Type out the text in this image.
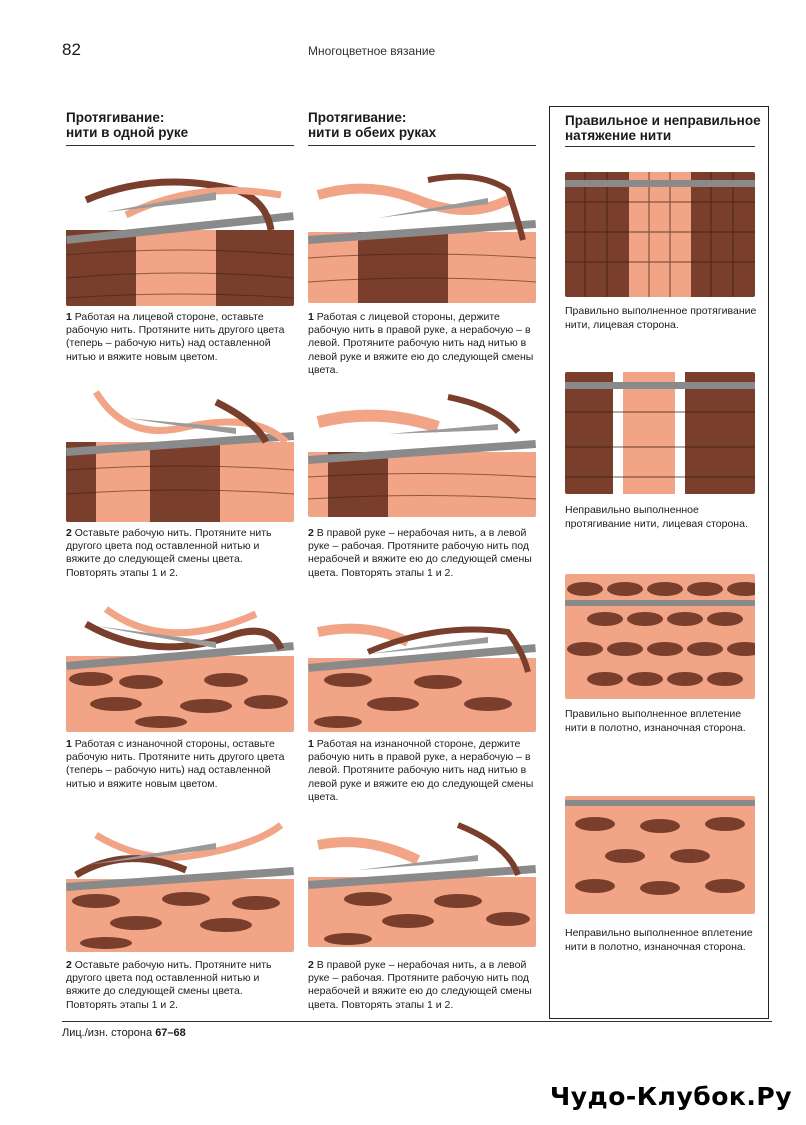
82	Многоцветное вязание
Протягивание:
нити в одной руке
Протягивание:
нити в обеих руках
1 Работая на лицевой стороне, оставьте рабочую нить. Протяните нить другого цвета (теперь – рабочую нить) над оставленной нитью и вяжите новым цветом.
2 Оставьте рабочую нить. Протяните нить другого цвета под оставленной нитью и вяжите до следующей смены цвета. Повторять этапы 1 и 2.
1 Работая с изнаночной стороны, оставьте рабочую нить. Протяните нить другого цвета (теперь – рабочую нить) над оставленной нитью и вяжите новым цветом.
2 Оставьте рабочую нить. Протяните нить другого цвета под оставленной нитью и вяжите до следующей смены цвета. Повторять этапы 1 и 2.
1 Работая с лицевой стороны, держите рабочую нить в правой руке, а нерабочую – в левой. Протяните рабочую нить над нитью в левой руке и вяжите ею до следующей смены цвета.
2 В правой руке – нерабочая нить, а в левой руке – рабочая. Протяните рабочую нить под нерабочей и вяжите ею до следующей смены цвета. Повторять этапы 1 и 2.
1 Работая на изнаночной стороне, держите рабочую нить в правой руке, а нерабочую – в левой. Протяните рабочую нить над нитью в левой руке и вяжите ею до следующей смены цвета.
2 В правой руке – нерабочая нить, а в левой руке – рабочая. Протяните рабочую нить под нерабочей и вяжите ею до следующей смены цвета. Повторять этапы 1 и 2.
Правильное и неправильное
натяжение нити
Правильно выполненное протягивание нити, лицевая сторона.
Неправильно выполненное протягивание нити, лицевая сторона.
Правильно выполненное вплетение нити в полотно, изнаночная сторона.
Неправильно выполненное вплетение нити в полотно, изнаночная сторона.
Лиц./изн. сторона 67–68
Чудо-Клубок.Ру
